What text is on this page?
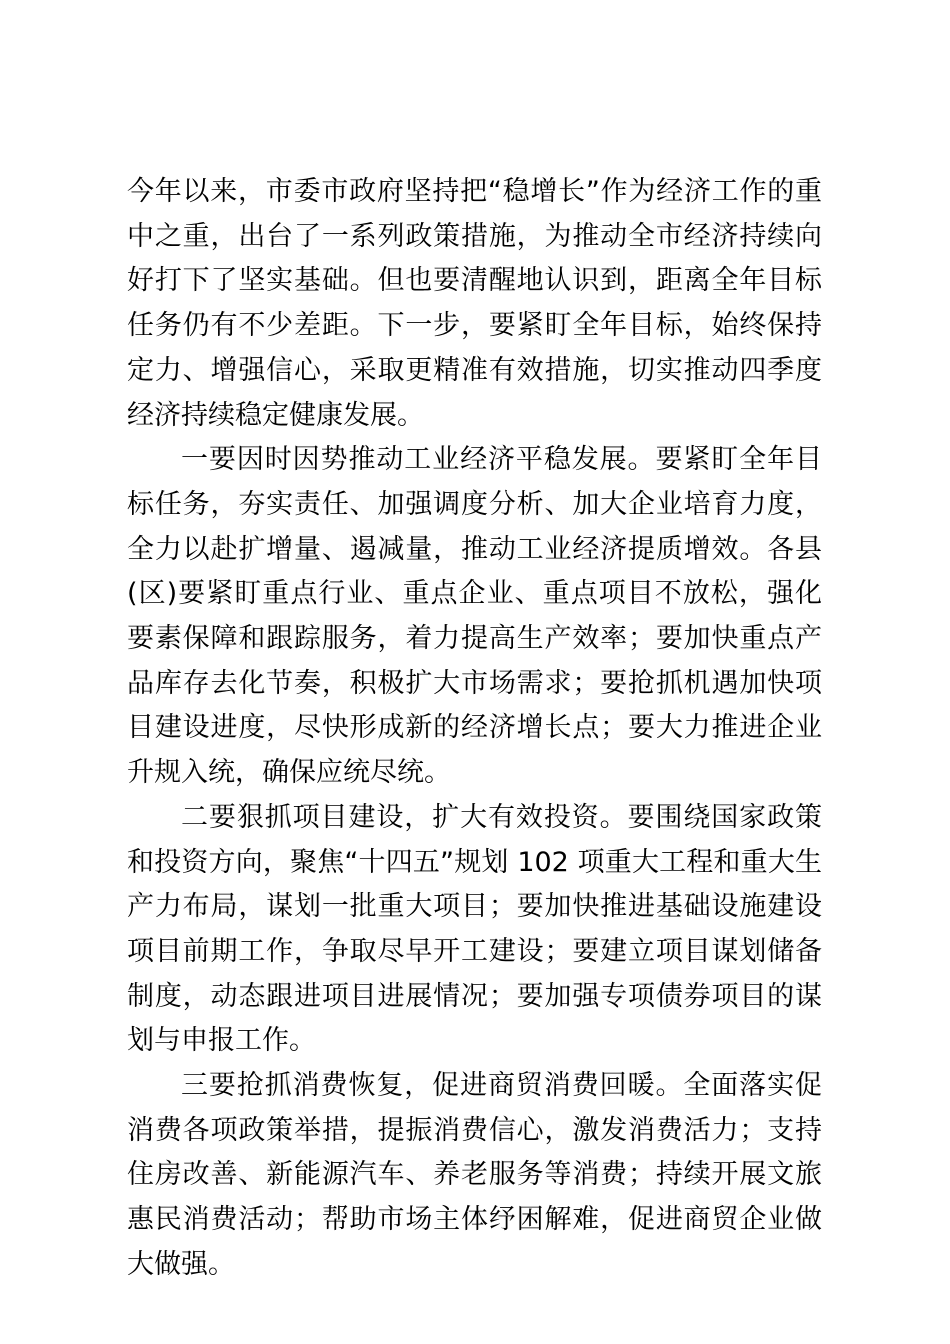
今年以来，市委市政府坚持把“稳增长”作为经济工作的重中之重，出台了一系列政策措施，为推动全市经济持续向好打下了坚实基础。但也要清醒地认识到，距离全年目标任务仍有不少差距。下一步，要紧盯全年目标，始终保持定力、增强信心，采取更精准有效措施，切实推动四季度经济持续稳定健康发展。

一要因时因势推动工业经济平稳发展。要紧盯全年目标任务，夯实责任、加强调度分析、加大企业培育力度，全力以赴扩增量、遏减量，推动工业经济提质增效。各县(区)要紧盯重点行业、重点企业、重点项目不放松，强化要素保障和跟踪服务，着力提高生产效率；要加快重点产品库存去化节奏，积极扩大市场需求；要抢抓机遇加快项目建设进度，尽快形成新的经济增长点；要大力推进企业升规入统，确保应统尽统。

二要狠抓项目建设，扩大有效投资。要围绕国家政策和投资方向，聚焦“十四五”规划 102 项重大工程和重大生产力布局，谋划一批重大项目；要加快推进基础设施建设项目前期工作，争取尽早开工建设；要建立项目谋划储备制度，动态跟进项目进展情况；要加强专项债券项目的谋划与申报工作。

三要抢抓消费恢复，促进商贸消费回暖。全面落实促消费各项政策举措，提振消费信心，激发消费活力；支持住房改善、新能源汽车、养老服务等消费；持续开展文旅惠民消费活动；帮助市场主体纾困解难，促进商贸企业做大做强。
